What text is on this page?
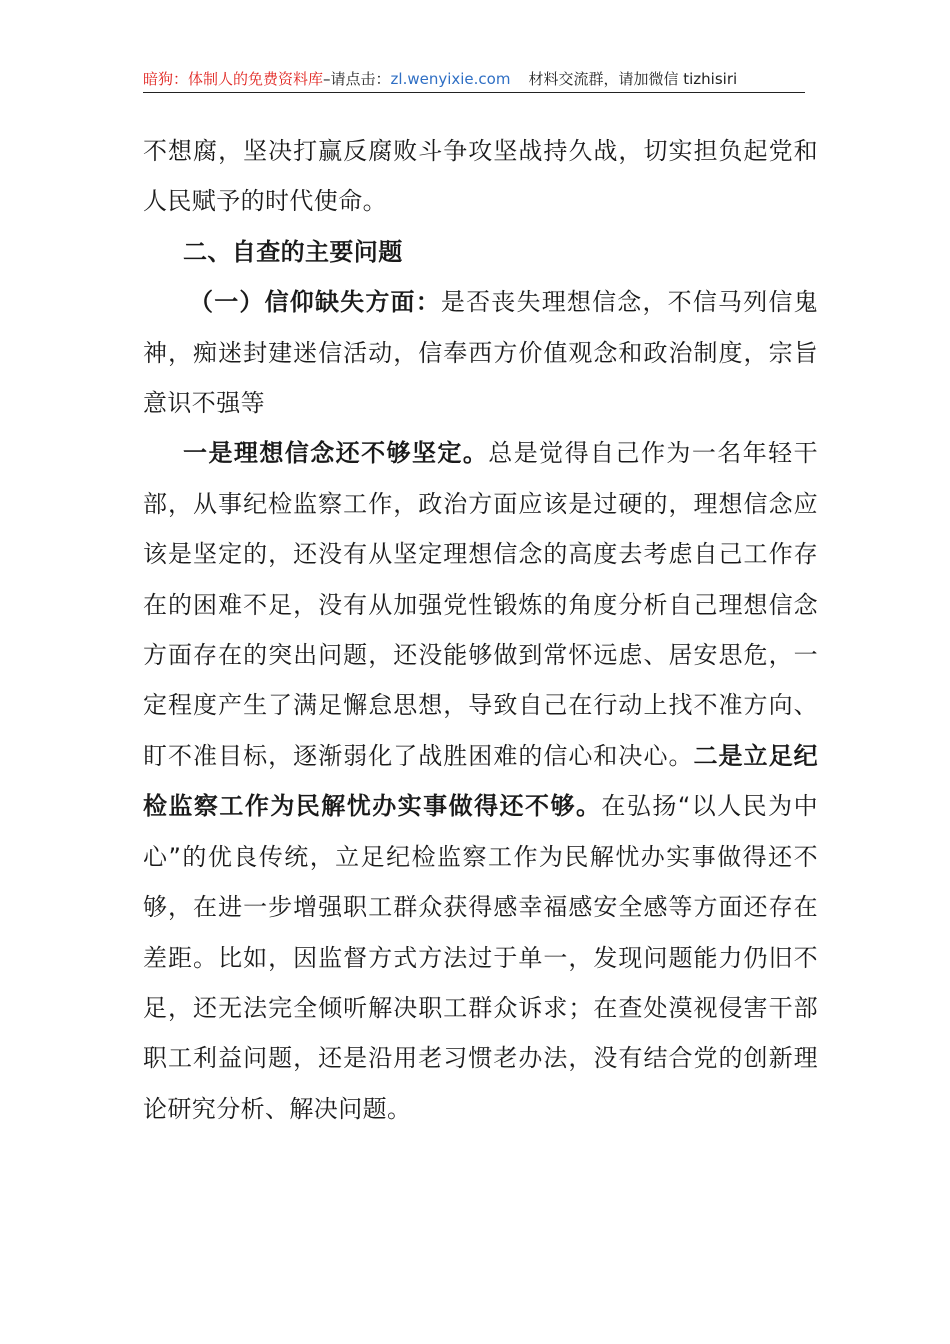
暗狗：体制人的免费资料库–请点击：zl.wenyixie.com 材料交流群，请加微信 tizhisiri

不想腐，坚决打赢反腐败斗争攻坚战持久战，切实担负起党和人民赋予的时代使命。

二、自查的主要问题

（一）信仰缺失方面：是否丧失理想信念，不信马列信鬼神，痴迷封建迷信活动，信奉西方价值观念和政治制度，宗旨意识不强等

一是理想信念还不够坚定。总是觉得自己作为一名年轻干部，从事纪检监察工作，政治方面应该是过硬的，理想信念应该是坚定的，还没有从坚定理想信念的高度去考虑自己工作存在的困难不足，没有从加强党性锻炼的角度分析自己理想信念方面存在的突出问题，还没能够做到常怀远虑、居安思危，一定程度产生了满足懈怠思想，导致自己在行动上找不准方向、盯不准目标，逐渐弱化了战胜困难的信心和决心。二是立足纪检监察工作为民解忧办实事做得还不够。在弘扬“以人民为中心”的优良传统，立足纪检监察工作为民解忧办实事做得还不够，在进一步增强职工群众获得感幸福感安全感等方面还存在差距。比如，因监督方式方法过于单一，发现问题能力仍旧不足，还无法完全倾听解决职工群众诉求；在查处漠视侵害干部职工利益问题，还是沿用老习惯老办法，没有结合党的创新理论研究分析、解决问题。
